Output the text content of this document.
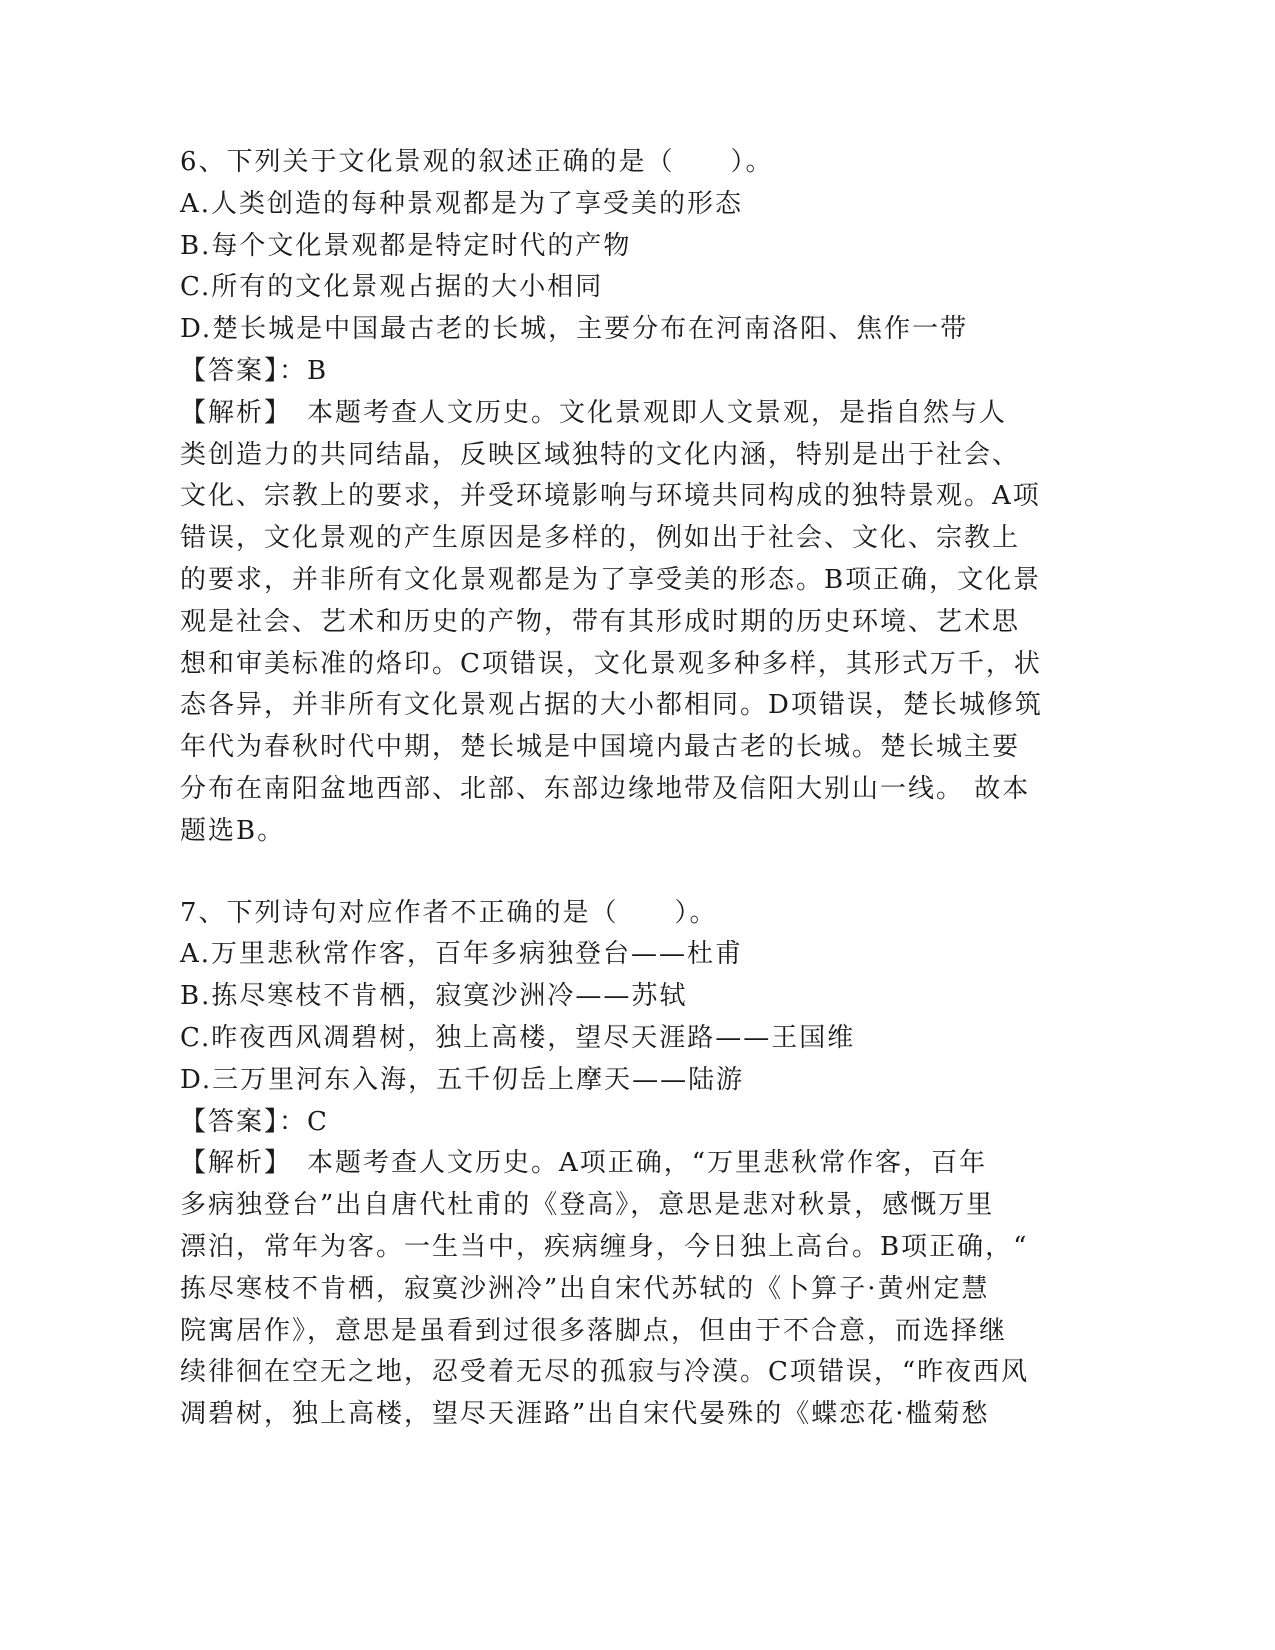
6、下列关于文化景观的叙述正确的是（　　）。
A.人类创造的每种景观都是为了享受美的形态
B.每个文化景观都是特定时代的产物
C.所有的文化景观占据的大小相同
D.楚长城是中国最古老的长城，主要分布在河南洛阳、焦作一带
【答案】：B
【解析】　本题考查人文历史。文化景观即人文景观，是指自然与人
类创造力的共同结晶，反映区域独特的文化内涵，特别是出于社会、
文化、宗教上的要求，并受环境影响与环境共同构成的独特景观。A项
错误，文化景观的产生原因是多样的，例如出于社会、文化、宗教上
的要求，并非所有文化景观都是为了享受美的形态。B项正确，文化景
观是社会、艺术和历史的产物，带有其形成时期的历史环境、艺术思
想和审美标准的烙印。C项错误，文化景观多种多样，其形式万千，状
态各异，并非所有文化景观占据的大小都相同。D项错误，楚长城修筑
年代为春秋时代中期，楚长城是中国境内最古老的长城。楚长城主要
分布在南阳盆地西部、北部、东部边缘地带及信阳大别山一线。 故本
题选B。
7、下列诗句对应作者不正确的是（　　）。
A.万里悲秋常作客，百年多病独登台——杜甫
B.拣尽寒枝不肯栖，寂寞沙洲冷——苏轼
C.昨夜西风凋碧树，独上高楼，望尽天涯路——王国维
D.三万里河东入海，五千仞岳上摩天——陆游
【答案】：C
【解析】　本题考查人文历史。A项正确，“万里悲秋常作客，百年
多病独登台”出自唐代杜甫的《登高》，意思是悲对秋景，感慨万里
漂泊，常年为客。一生当中，疾病缠身，今日独上高台。B项正确，“
拣尽寒枝不肯栖，寂寞沙洲冷”出自宋代苏轼的《卜算子·黄州定慧
院寓居作》，意思是虽看到过很多落脚点，但由于不合意，而选择继
续徘徊在空无之地，忍受着无尽的孤寂与冷漠。C项错误，“昨夜西风
凋碧树，独上高楼，望尽天涯路”出自宋代晏殊的《蝶恋花·槛菊愁
